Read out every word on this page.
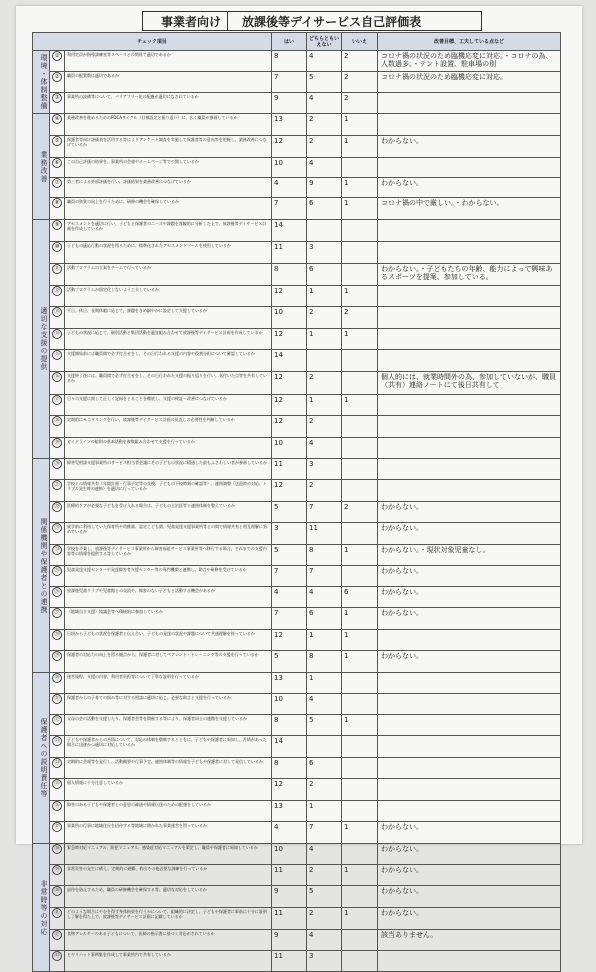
事業者向け	放課後等デイサービス自己評価表
チェック項目			はい	どちらともいえない	いいえ	改善目標、工夫している点など
環境・体制整備	①	利用定員が指導訓練室等スペースとの関係で適切であるか	8	4	2	コロナ禍の状況のため臨機応変に対応。・コロナの為、人数過多。・テント設置、駐車場の別
	②	職員の配置数は適切であるか	7	5	2	コロナ禍の状況のため臨機応変に対応。
	③	事業所の設備等について、バリアフリー化の配慮が適切になされているか	9	4	2	
業務改善	④	業務改善を進めるためのPDCAサイクル（目標設定と振り返り）に、広く職員が参画しているか	13	2	1	
	⑤	保護者等向け評価表を活用する等によりアンケート調査を実施して保護者等の意向等を把握し、業務改善につなげているか	12	2	1	わからない。
	⑥	この自己評価の結果を、事業所の会報やホームページ等で公開しているか	10	4		
	⑦	第三者による外部評価を行い、評価結果を業務改善につなげているか	4	9	1	わからない。
	⑧	職員の資質の向上を行うために、研修の機会を確保しているか	7	6	1	コロナ禍の中で厳しい。・わからない。
適切な支援の提供	⑨	アセスメントを適切に行い、子どもと保護者のニーズや課題を客観的に分析した上で、放課後等デイサービス計画を作成しているか	14			
	⑩	子どもの適応行動の状況を図るために、標準化されたアセスメントツールを使用しているか	11	3		
	⑪	活動プログラムの立案をチームで行っているか	8	6		わからない。・子どもたちの年齢、能力によって興味あるスポーツを提案、参加している。
	⑫	活動プログラムが固定化しないよう工夫しているか	12	1	1	
	⑬	平日、休日、長期休暇に応じて、課題をきめ細やかに設定して支援しているか	10	2	2	
	⑭	子どもの状況に応じて、個別活動と集団活動を適宜組み合わせて放課後等デイサービス計画を作成しているか	12	1	1	
	⑮	支援開始前には職員間で必ず打合せをし、その日行われる支援の内容や役割分担について確認しているか	14			
	⑯	支援終了後には、職員間で必ず打合せをし、その日行われた支援の振り返りを行い、気付いた点等を共有しているか	12	2		個人的には、就業時間外の為、参加していないが、職員（共有）連絡ノートにて後日共有して
	⑰	日々の支援に関して正しく記録をとることを徹底し、支援の検証・改善につなげているか	12	1	1	
	⑱	定期的にモニタリングを行い、放課後等デイサービス計画の見直しの必要性を判断しているか	12	2		
	⑲	ガイドラインの総則の基本活動を複数組み合わせて支援を行っているか	10	4		
関係機関や保護者との連携	⑳	障害児相談支援事業所のサービス担当者会議にその子どもの状況に精通した最もふさわしい者が参画しているか	11	3		
	㉑	学校との情報共有（年間計画・行事予定等の交換、子どもの下校時刻の確認等）、連絡調整（送迎時の対応、トラブル発生時の連絡）を適切に行っているか	12	2		
	㉒	医療的ケアが必要な子どもを受け入れる場合は、子どもの主治医等と連絡体制を整えているか	5	7	2	わからない。
	㉓	就学前に利用していた保育所や幼稚園、認定こども園、児童発達支援事業所等との間で情報共有と相互理解に努めているか	3	11		わからない。
	㉔	学校を卒業し、放課後等デイサービス事業所から障害福祉サービス事業所等へ移行する場合、それまでの支援内容等の情報を提供する等しているか	5	8	1	わからない。・現状対象児童なし。
	㉕	児童発達支援センターや発達障害者支援センター等の専門機関と連携し、助言や研修を受けているか	7	7		わからない。
	㉖	放課後児童クラブや児童館との交流や、障害のない子どもと活動する機会があるか	4	4	6	わからない。
	㉗	（地域自立支援）協議会等へ積極的に参加しているか	7	6	1	わからない。
	㉘	日頃から子どもの状況を保護者と伝え合い、子どもの発達の状況や課題について共通理解を持っているか	12	1	1	
	㉙	保護者の対応力の向上を図る観点から、保護者に対してペアレント・トレーニング等の支援を行っているか	5	8	1	わからない。
保護者への説明責任等	㉚	運営規程、支援の内容、利用者負担等について丁寧な説明を行っているか	13	1		
	㉛	保護者からの子育ての悩み等に対する相談に適切に応じ、必要な助言と支援を行っているか	10	4		
	㉜	父母の会の活動を支援したり、保護者会等を開催する等により、保護者同士の連携を支援しているか	8	5	1	
	㉝	子どもや保護者からの苦情について、対応の体制を整備するとともに、子どもや保護者に周知し、苦情があった場合に迅速かつ適切に対応しているか	14			
	㉞	定期的に会報等を発行し、活動概要や行事予定、連絡体制等の情報を子どもや保護者に対して発信しているか	8	6		
	㉟	個人情報に十分注意しているか	12	2		
	㊱	障害のある子どもや保護者との意思の疎通や情報伝達のための配慮をしているか	13	1		
	㊲	事業所の行事に地域住民を招待する等地域に開かれた事業運営を図っているか	4	7	1	わからない。
非常時等の対応	㊳	緊急時対応マニュアル、防犯マニュアル、感染症対応マニュアルを策定し、職員や保護者に周知しているか	10	4		わからない。
	㊴	非常災害の発生に備え、定期的に避難、救出その他必要な訓練を行っているか	11	2	1	わからない。
	㊵	虐待を防止するため、職員の研修機会を確保する等、適切な対応をしているか	9	5		わからない。
	㊶	どのような場合にやむを得ず身体拘束を行うかについて、組織的に決定し、子どもや保護者に事前に十分に説明し了解を得た上で、放課後等デイサービス計画に記載しているか	11	2	1	わからない。
	㊷	食物アレルギーのある子どもについて、医師の指示書に基づく対応がされているか	9	4		該当ありません。
	㊸	ヒヤリハット事例集を作成して事業所内で共有しているか	11	3		
